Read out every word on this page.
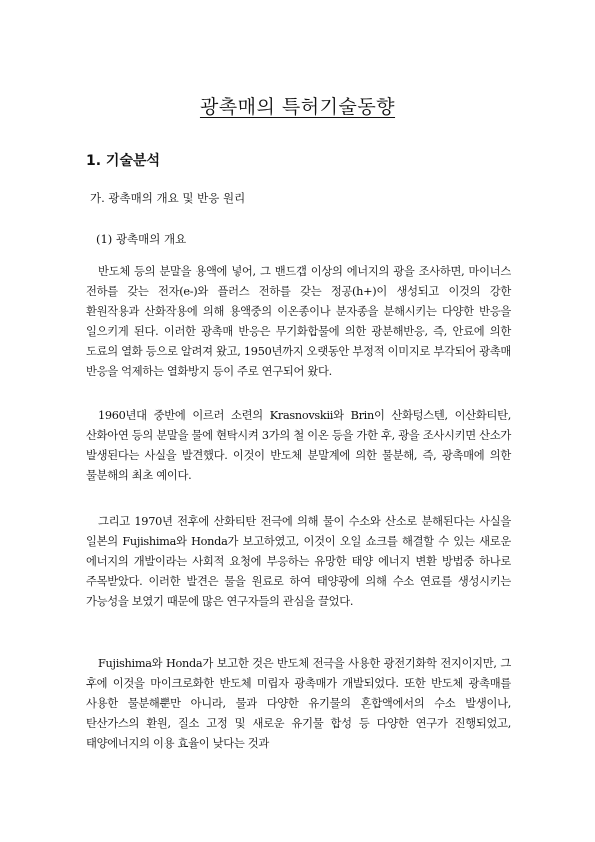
광촉매의 특허기술동향
1. 기술분석
가. 광촉매의 개요 및 반응 원리
(1) 광촉매의 개요

반도체 등의 분말을 용액에 넣어, 그 밴드갭 이상의 에너지의 광을 조사하면, 마이너스 전하를 갖는 전자(e-)와 플러스 전하를 갖는 정공(h+)이 생성되고 이것의 강한 환원작용과 산화작용에 의해 용액중의 이온종이나 분자종을 분해시키는 다양한 반응을 일으키게 된다. 이러한 광촉매 반응은 무기화합물에 의한 광분해반응, 즉, 안료에 의한 도료의 열화 등으로 알려져 왔고, 1950년까지 오랫동안 부정적 이미지로 부각되어 광촉매 반응을 억제하는 열화방지 등이 주로 연구되어 왔다.

1960년대 중반에 이르러 소련의 Krasnovskii와 Brin이 산화텅스텐, 이산화티탄, 산화아연 등의 분말을 물에 현탁시켜 3가의 철 이온 등을 가한 후, 광을 조사시키면 산소가 발생된다는 사실을 발견했다. 이것이 반도체 분말계에 의한 물분해, 즉, 광촉매에 의한 물분해의 최초 예이다.

그리고 1970년 전후에 산화티탄 전극에 의해 물이 수소와 산소로 분해된다는 사실을 일본의 Fujishima와 Honda가 보고하였고, 이것이 오일 쇼크를 해결할 수 있는 새로운 에너지의 개발이라는 사회적 요청에 부응하는 유망한 태양 에너지 변환 방법중 하나로 주목받았다. 이러한 발견은 물을 원료로 하여 태양광에 의해 수소 연료를 생성시키는 가능성을 보였기 때문에 많은 연구자들의 관심을 끌었다.

Fujishima와 Honda가 보고한 것은 반도체 전극을 사용한 광전기화학 전지이지만, 그 후에 이것을 마이크로화한 반도체 미립자 광촉매가 개발되었다. 또한 반도체 광촉매를 사용한 물분해뿐만 아니라, 물과 다양한 유기물의 혼합액에서의 수소 발생이나, 탄산가스의 환원, 질소 고정 및 새로운 유기물 합성 등 다양한 연구가 진행되었고, 태양에너지의 이용 효율이 낮다는 것과
